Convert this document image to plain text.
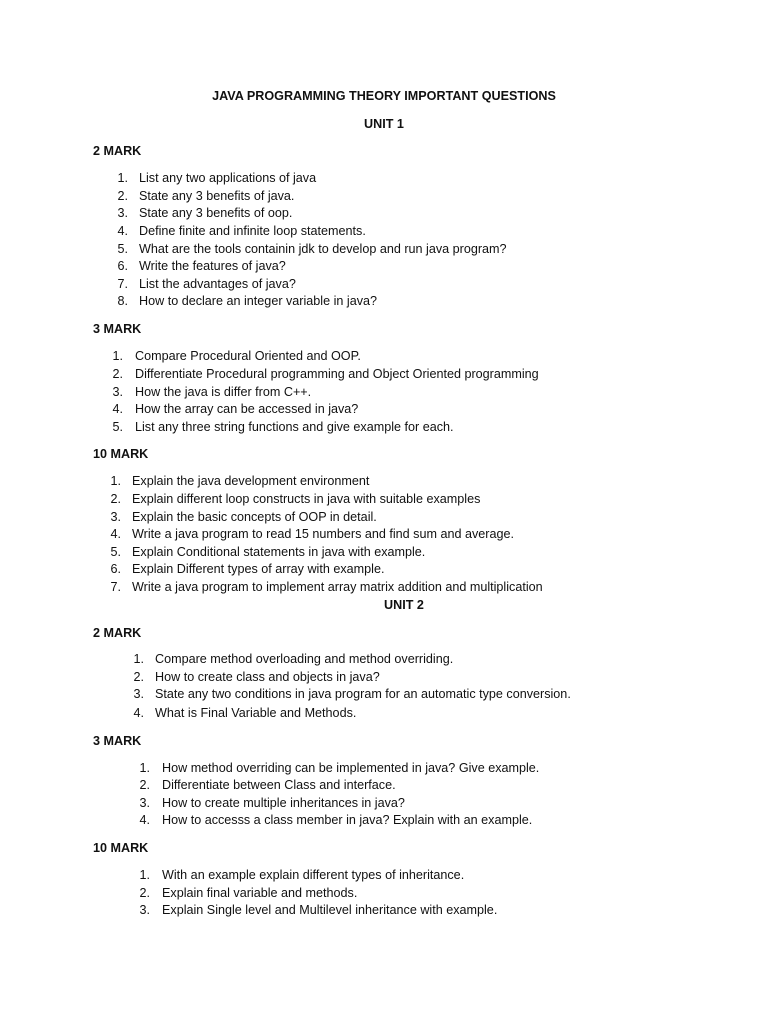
JAVA PROGRAMMING THEORY IMPORTANT QUESTIONS
UNIT 1
2 MARK
1. List any two applications of java
2. State any 3 benefits of java.
3. State any 3 benefits of oop.
4. Define finite and infinite loop statements.
5. What are the tools containin jdk to develop and run java program?
6. Write the features of java?
7. List the advantages of java?
8. How to declare an integer variable in java?
3 MARK
1. Compare Procedural Oriented and OOP.
2. Differentiate Procedural programming and Object Oriented programming
3. How the java is differ from C++.
4. How the array can be accessed in java?
5. List any three string functions and give example for each.
10 MARK
1. Explain the java development environment
2. Explain different loop constructs in java with suitable examples
3. Explain the basic concepts of OOP in detail.
4. Write a java program to read 15 numbers and find sum and average.
5. Explain Conditional statements in java with example.
6. Explain Different types of array with example.
7. Write a java program to implement array matrix addition and multiplication
UNIT 2
2 MARK
1. Compare method overloading and method overriding.
2. How to create class and objects in java?
3. State any two conditions in java program for an automatic type conversion.
4. What is Final Variable and Methods.
3 MARK
1. How method overriding can be implemented in java? Give example.
2. Differentiate between Class and interface.
3. How to create multiple inheritances in java?
4. How to accesss a class member in java? Explain with an example.
10 MARK
1. With an example explain different types of inheritance.
2. Explain final variable and methods.
3. Explain Single level and Multilevel inheritance with example.
